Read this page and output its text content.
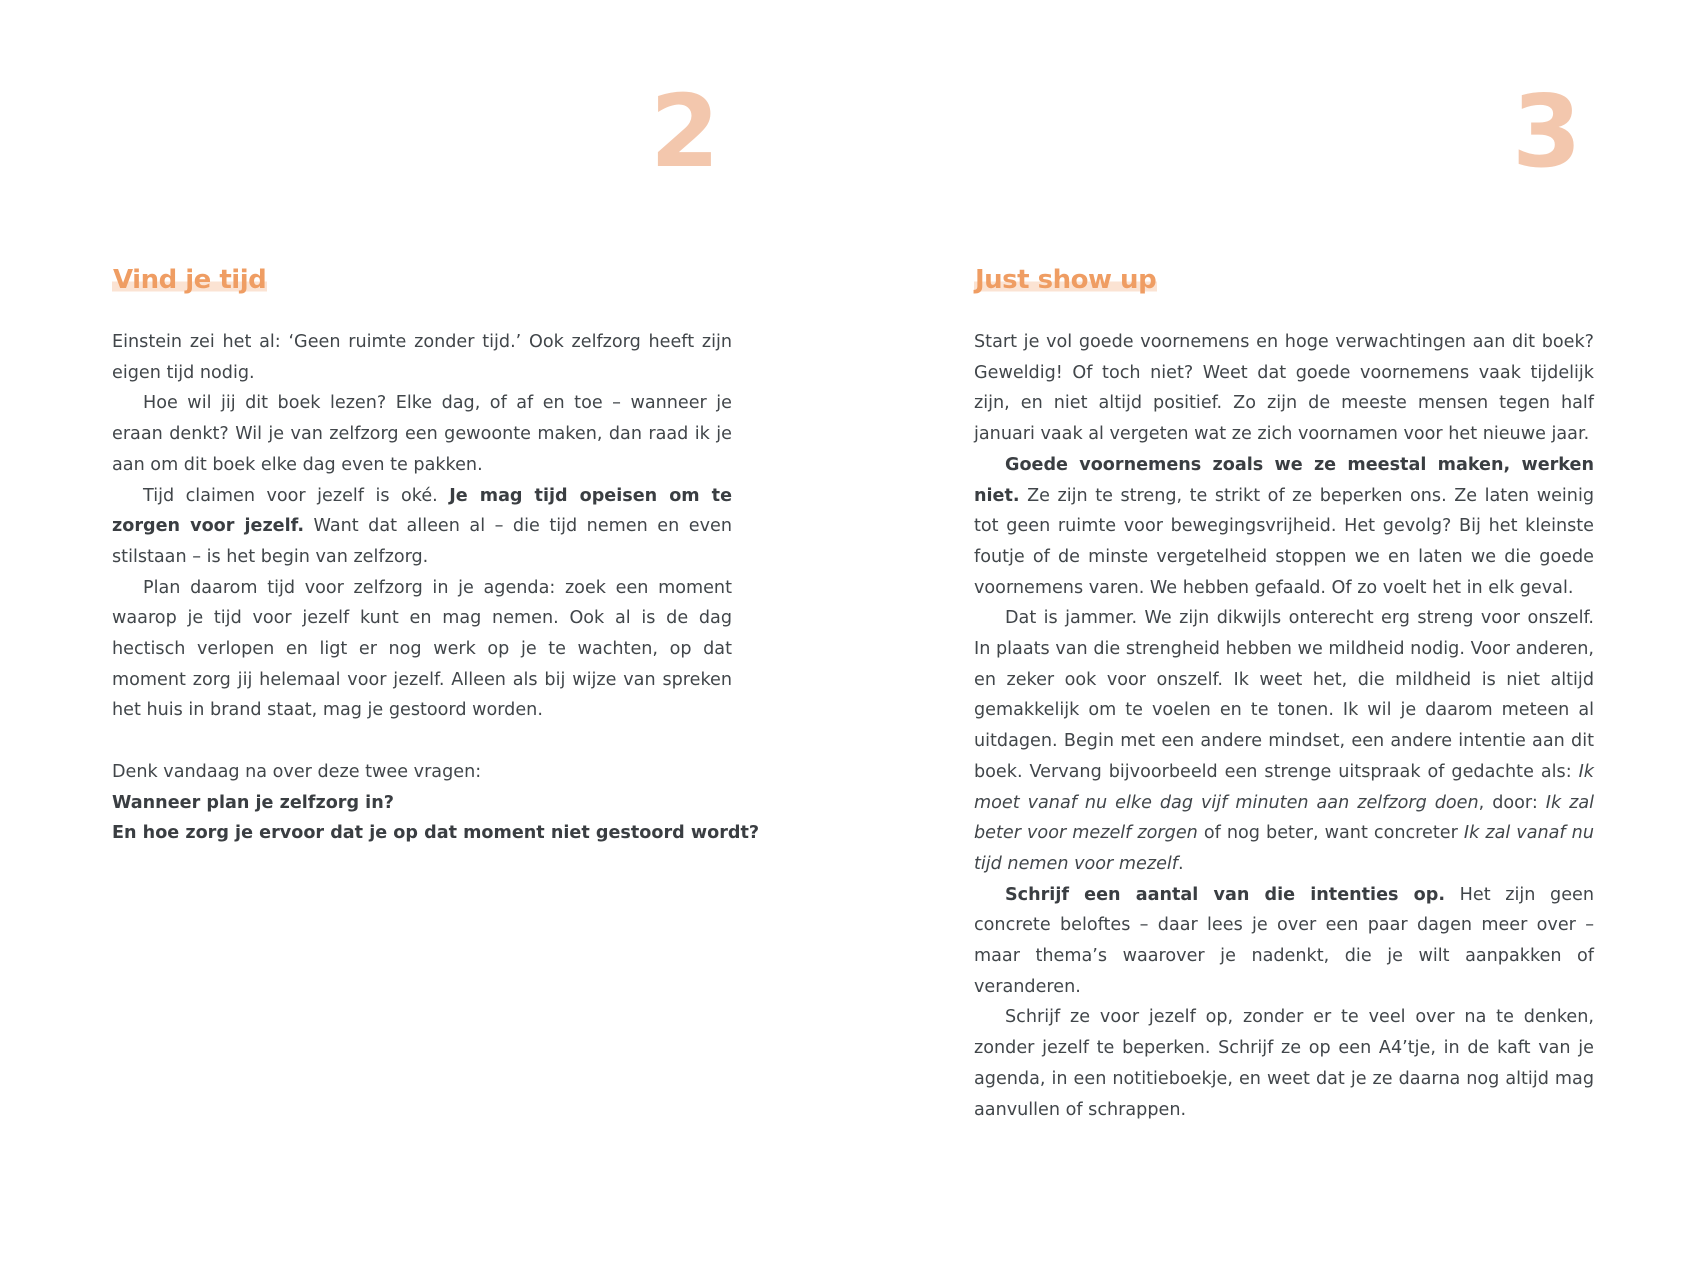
2
Vind je tijd

Einstein zei het al: ‘Geen ruimte zonder tijd.’ Ook zelfzorg heeft zijn eigen tijd nodig.

Hoe wil jij dit boek lezen? Elke dag, of af en toe – wanneer je eraan denkt? Wil je van zelfzorg een gewoonte maken, dan raad ik je aan om dit boek elke dag even te pakken.

Tijd claimen voor jezelf is oké. Je mag tijd opeisen om te zorgen voor jezelf. Want dat alleen al – die tijd nemen en even stilstaan – is het begin van zelfzorg.

Plan daarom tijd voor zelfzorg in je agenda: zoek een moment waarop je tijd voor jezelf kunt en mag nemen. Ook al is de dag hectisch verlopen en ligt er nog werk op je te wachten, op dat moment zorg jij helemaal voor jezelf. Alleen als bij wijze van spreken het huis in brand staat, mag je gestoord worden.

Denk vandaag na over deze twee vragen:
Wanneer plan je zelfzorg in?
En hoe zorg je ervoor dat je op dat moment niet gestoord wordt?
3
Just show up

Start je vol goede voornemens en hoge verwachtingen aan dit boek? Geweldig! Of toch niet? Weet dat goede voornemens vaak tijdelijk zijn, en niet altijd positief. Zo zijn de meeste mensen tegen half januari vaak al vergeten wat ze zich voornamen voor het nieuwe jaar.

Goede voornemens zoals we ze meestal maken, werken niet. Ze zijn te streng, te strikt of ze beperken ons. Ze laten weinig tot geen ruimte voor bewegingsvrijheid. Het gevolg? Bij het kleinste foutje of de minste vergetelheid stoppen we en laten we die goede voornemens varen. We hebben gefaald. Of zo voelt het in elk geval.

Dat is jammer. We zijn dikwijls onterecht erg streng voor onszelf. In plaats van die strengheid hebben we mildheid nodig. Voor anderen, en zeker ook voor onszelf. Ik weet het, die mildheid is niet altijd gemakkelijk om te voelen en te tonen. Ik wil je daarom meteen al uitdagen. Begin met een andere mindset, een andere intentie aan dit boek. Vervang bijvoorbeeld een strenge uitspraak of gedachte als: Ik moet vanaf nu elke dag vijf minuten aan zelfzorg doen, door: Ik zal beter voor mezelf zorgen of nog beter, want concreter Ik zal vanaf nu tijd nemen voor mezelf.

Schrijf een aantal van die intenties op. Het zijn geen concrete beloftes – daar lees je over een paar dagen meer over – maar thema’s waarover je nadenkt, die je wilt aanpakken of veranderen.

Schrijf ze voor jezelf op, zonder er te veel over na te denken, zonder jezelf te beperken. Schrijf ze op een A4’tje, in de kaft van je agenda, in een notitieboekje, en weet dat je ze daarna nog altijd mag aanvullen of schrappen.
